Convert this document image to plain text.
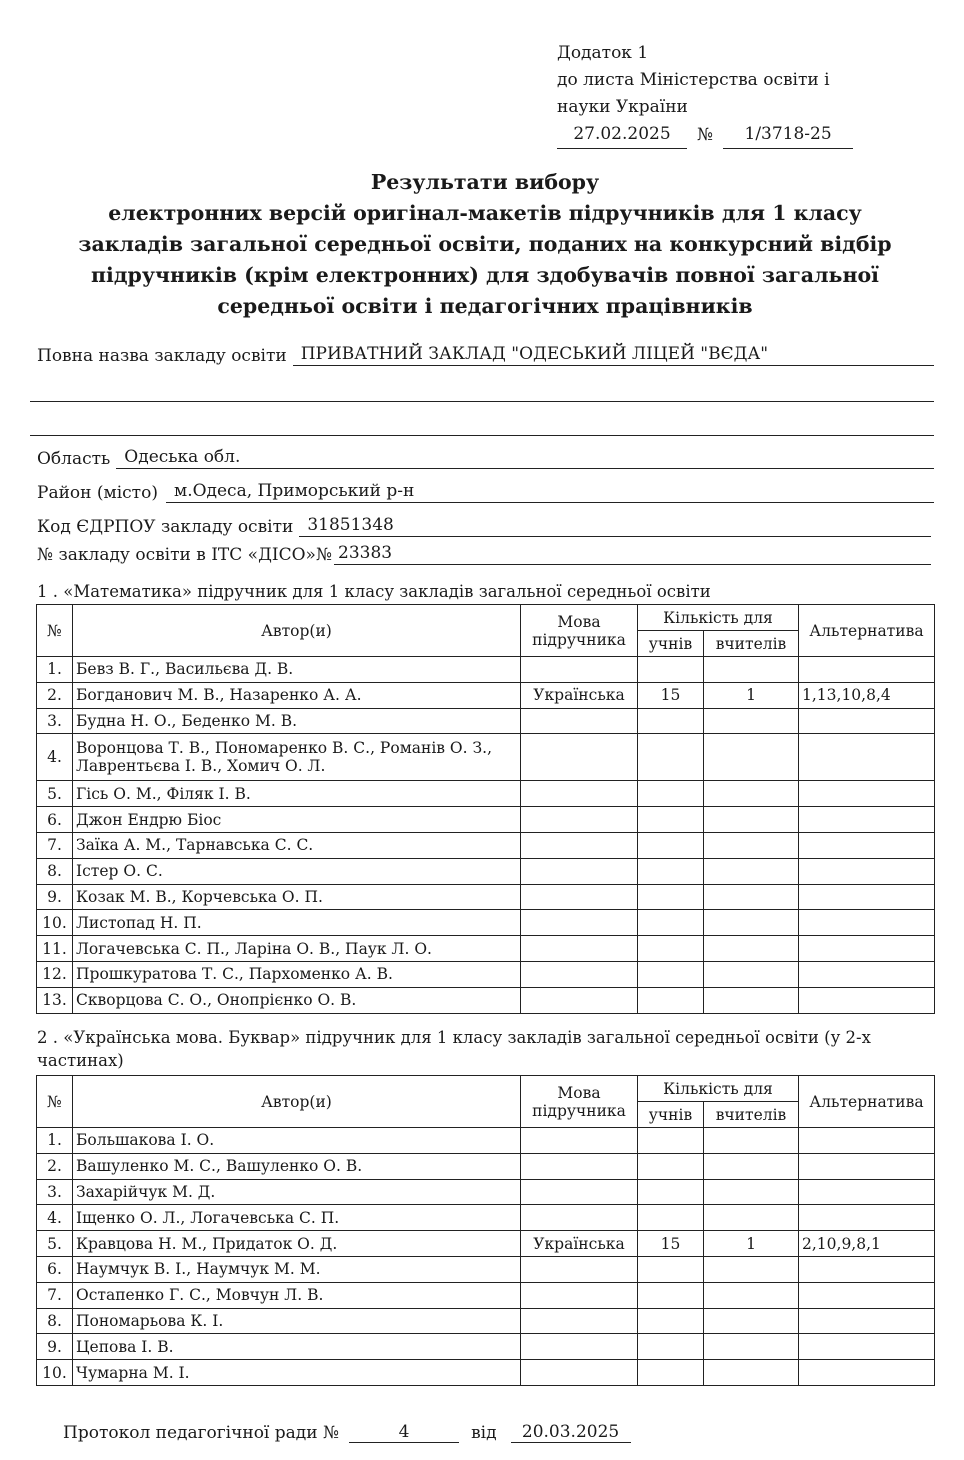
Додаток 1
до листа Міністерства освіти і
науки України
27.02.2025	№	1/3718-25
Результати вибору
електронних версій оригінал-макетів підручників для 1 класу
закладів загальної середньої освіти, поданих на конкурсний відбір
підручників (крім електронних) для здобувачів повної загальної
середньої освіти і педагогічних працівників
Повна назва закладу освіти ПРИВАТНИЙ ЗАКЛАД "ОДЕСЬКИЙ ЛІЦЕЙ "ВЄДА"
Область Одеська обл.
Район (місто) м.Одеса, Приморський р-н
Код ЄДРПОУ закладу освіти 31851348
№ закладу освіти в ІТС «ДІСО»№ 23383
1 . «Математика» підручник для 1 класу закладів загальної середньої освіти
№	Автор(и)	Мова підручника	Кількість для		Альтернатива
			учнів	вчителів	
1.	Бевз В. Г., Васильєва Д. В.				
2.	Богданович М. В., Назаренко А. А.	Українська	15	1	1,13,10,8,4
3.	Будна Н. О., Беденко М. В.				
4.	Воронцова Т. В., Пономаренко В. С., Романів О. З., Лаврентьєва І. В., Хомич О. Л.				
5.	Гісь О. М., Філяк І. В.				
6.	Джон Ендрю Біос				
7.	Заїка А. М., Тарнавська С. С.				
8.	Істер О. С.				
9.	Козак М. В., Корчевська О. П.				
10.	Листопад Н. П.				
11.	Логачевська С. П., Ларіна О. В., Паук Л. О.				
12.	Прошкуратова Т. С., Пархоменко А. В.				
13.	Скворцова С. О., Онопрієнко О. В.				
2 . «Українська мова. Буквар» підручник для 1 класу закладів загальної середньої освіти (у 2-х частинах)
№	Автор(и)	Мова підручника	Кількість для		Альтернатива
			учнів	вчителів	
1.	Большакова І. О.				
2.	Вашуленко М. С., Вашуленко О. В.				
3.	Захарійчук М. Д.				
4.	Іщенко О. Л., Логачевська С. П.				
5.	Кравцова Н. М., Придаток О. Д.	Українська	15	1	2,10,9,8,1
6.	Наумчук В. І., Наумчук М. М.				
7.	Остапенко Г. С., Мовчун Л. В.				
8.	Пономарьова К. І.				
9.	Цепова І. В.				
10.	Чумарна М. І.				
Протокол педагогічної ради №	4	від	20.03.2025
